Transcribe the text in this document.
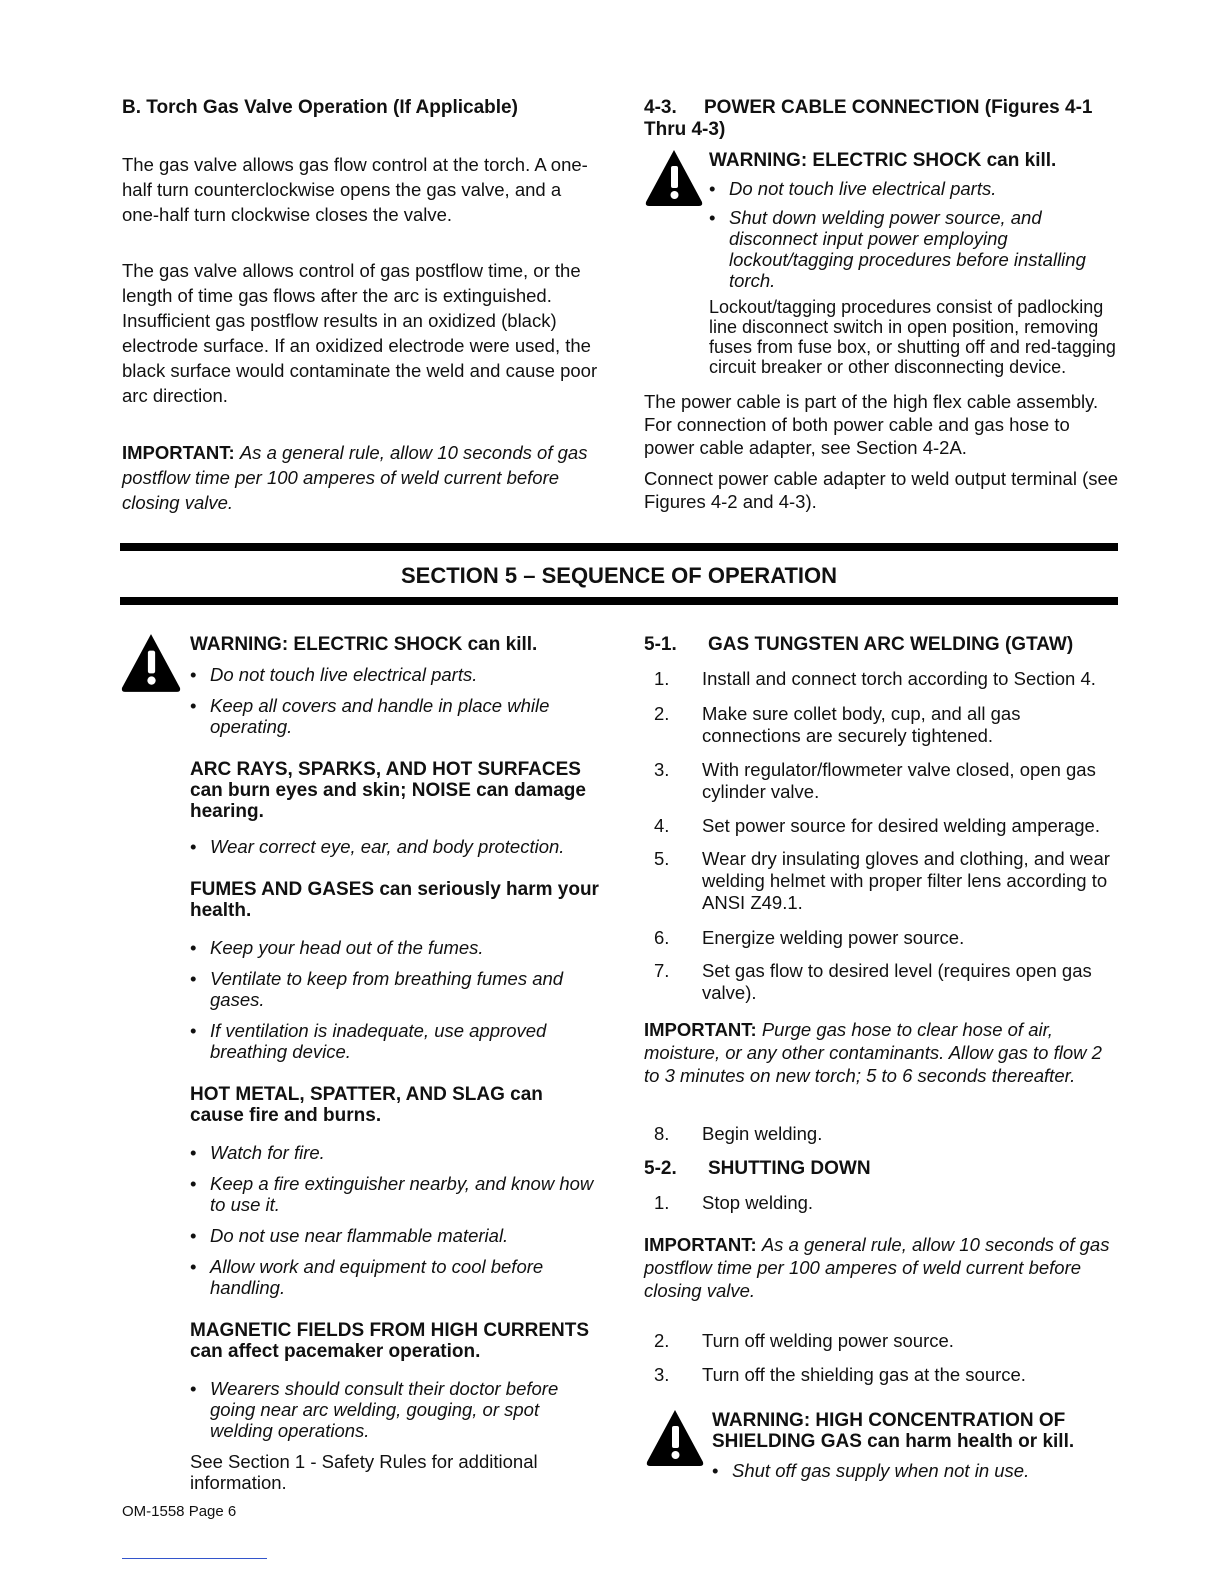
B. Torch Gas Valve Operation (If Applicable)

The gas valve allows gas flow control at the torch. A one-half turn counterclockwise opens the gas valve, and a one-half turn clockwise closes the valve.

The gas valve allows control of gas postflow time, or the length of time gas flows after the arc is extinguished. Insufficient gas postflow results in an oxidized (black) electrode surface. If an oxidized electrode were used, the black surface would contaminate the weld and cause poor arc direction.

IMPORTANT: As a general rule, allow 10 seconds of gas postflow time per 100 amperes of weld current before closing valve.

4-3. POWER CABLE CONNECTION (Figures 4-1 Thru 4-3)
WARNING: ELECTRIC SHOCK can kill.
• Do not touch live electrical parts.
• Shut down welding power source, and disconnect input power employing lockout/tagging procedures before installing torch.

Lockout/tagging procedures consist of padlocking line disconnect switch in open position, removing fuses from fuse box, or shutting off and red-tagging circuit breaker or other disconnecting device.

The power cable is part of the high flex cable assembly. For connection of both power cable and gas hose to power cable adapter, see Section 4-2A.

Connect power cable adapter to weld output terminal (see Figures 4-2 and 4-3).

SECTION 5 – SEQUENCE OF OPERATION
WARNING: ELECTRIC SHOCK can kill.
• Do not touch live electrical parts.
• Keep all covers and handle in place while operating.
ARC RAYS, SPARKS, AND HOT SURFACES can burn eyes and skin; NOISE can damage hearing.
• Wear correct eye, ear, and body protection.
FUMES AND GASES can seriously harm your health.
• Keep your head out of the fumes.
• Ventilate to keep from breathing fumes and gases.
• If ventilation is inadequate, use approved breathing device.
HOT METAL, SPATTER, AND SLAG can cause fire and burns.
• Watch for fire.
• Keep a fire extinguisher nearby, and know how to use it.
• Do not use near flammable material.
• Allow work and equipment to cool before handling.
MAGNETIC FIELDS FROM HIGH CURRENTS can affect pacemaker operation.
• Wearers should consult their doctor before going near arc welding, gouging, or spot welding operations.

See Section 1 - Safety Rules for additional information.

5-1. GAS TUNGSTEN ARC WELDING (GTAW)
1.	Install and connect torch according to Section 4.
2.	Make sure collet body, cup, and all gas connections are securely tightened.
3.	With regulator/flowmeter valve closed, open gas cylinder valve.
4.	Set power source for desired welding amperage.
5.	Wear dry insulating gloves and clothing, and wear welding helmet with proper filter lens according to ANSI Z49.1.
6.	Energize welding power source.
7.	Set gas flow to desired level (requires open gas valve).

IMPORTANT: Purge gas hose to clear hose of air, moisture, or any other contaminants. Allow gas to flow 2 to 3 minutes on new torch; 5 to 6 seconds thereafter.

8.	Begin welding.
5-2. SHUTTING DOWN
1.	Stop welding.

IMPORTANT: As a general rule, allow 10 seconds of gas postflow time per 100 amperes of weld current before closing valve.

2.	Turn off welding power source.
3.	Turn off the shielding gas at the source.
WARNING: HIGH CONCENTRATION OF SHIELDING GAS can harm health or kill.
• Shut off gas supply when not in use.
OM-1558 Page 6
